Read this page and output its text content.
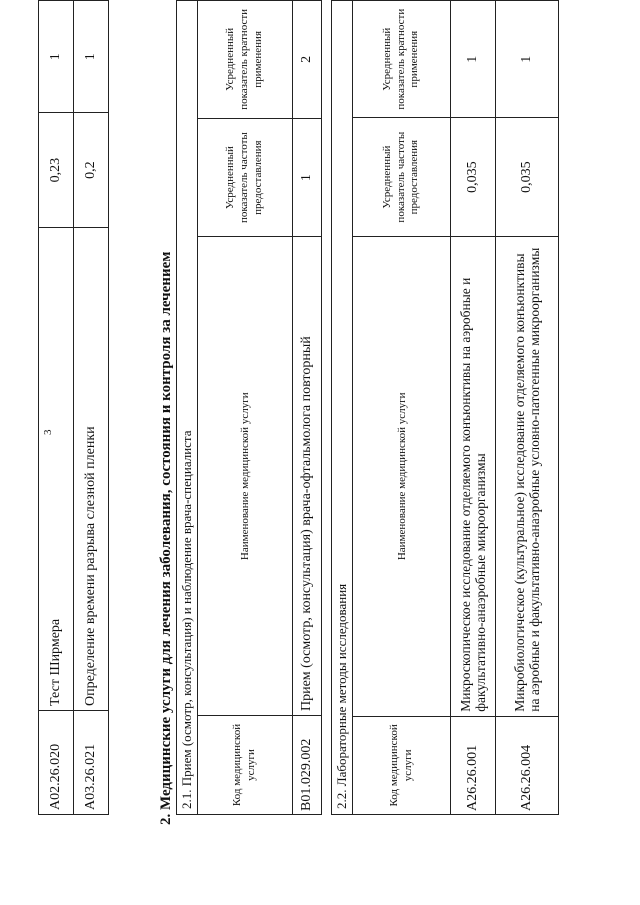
3
A02.26.020	Тест Ширмера	0,23	1
A03.26.021	Определение времени разрыва слезной пленки	0,2	1
2. Медицинские услуги для лечения заболевания, состояния и контроля за лечением 2.1. Прием (осмотр, консультация) и наблюдение врача-специалиста			
Код медицинской услуги	Наименование медицинской услуги	Усредненный показатель частоты предоставления	Усредненный показатель кратности применения
B01.029.002	Прием (осмотр, консультация) врача-офтальмолога повторный	1	2
2.2. Лабораторные методы исследования			
Код медицинской услуги	Наименование медицинской услуги	Усредненный показатель частоты предоставления	Усредненный показатель кратности применения
A26.26.001	Микроскопическое исследование отделяемого конъюнктивы на аэробные и факультативно-анаэробные микроорганизмы	0,035	1
A26.26.004	Микробиологическое (культуральное) исследование отделяемого конъюнктивы на аэробные и факультативно-анаэробные условно-патогенные микроорганизмы	0,035	1
